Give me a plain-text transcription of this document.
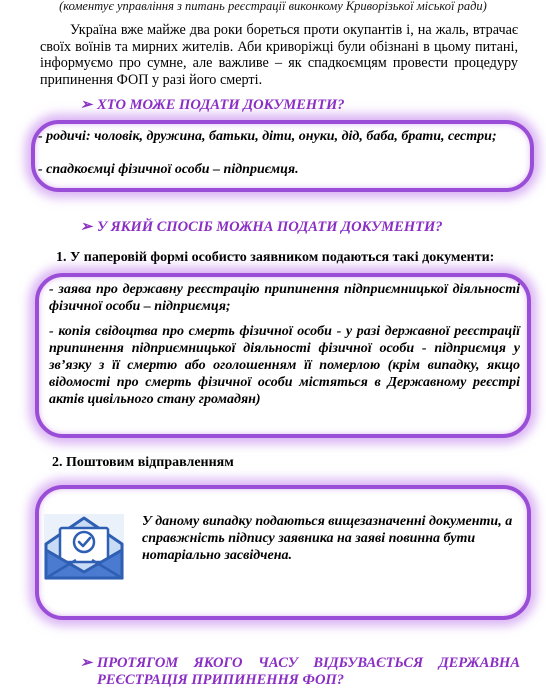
(коментує управління з питань реєстрації виконкому Криворізької міської ради)
Україна вже майже два роки бореться проти окупантів і, на жаль, втрачає своїх воїнів та мирних жителів. Аби криворіжці були обізнані в цьому питані, інформуємо про сумне, але важливе – як спадкоємцям провести процедуру припинення ФОП у разі його смерті.
➢ ХТО МОЖЕ ПОДАТИ ДОКУМЕНТИ?
- родичі: чоловік, дружина, батьки, діти, онуки, дід, баба, брати, сестри;
- спадкоємці фізичної особи – підприємця.
➢ У ЯКИЙ СПОСІБ МОЖНА ПОДАТИ ДОКУМЕНТИ?
1. У паперовій формі особисто заявником подаються такі документи:
- заява про державну реєстрацію припинення підприємницької діяльності фізичної особи – підприємця;
- копія свідоцтва про смерть фізичної особи - у разі державної реєстрації припинення підприємницької діяльності фізичної особи - підприємця у зв’язку з її смертю або оголошенням її померлою (крім випадку, якщо відомості про смерть фізичної особи містяться в Державному реєстрі актів цивільного стану громадян)
2. Поштовим відправленням
У даному випадку подаються вищезазначенні документи, а справжність підпису заявника на заяві повинна бути нотаріально засвідчена.
➢ ПРОТЯГОМ ЯКОГО ЧАСУ ВІДБУВАЄТЬСЯ ДЕРЖАВНА РЕЄСТРАЦІЯ ПРИПИНЕННЯ ФОП?
